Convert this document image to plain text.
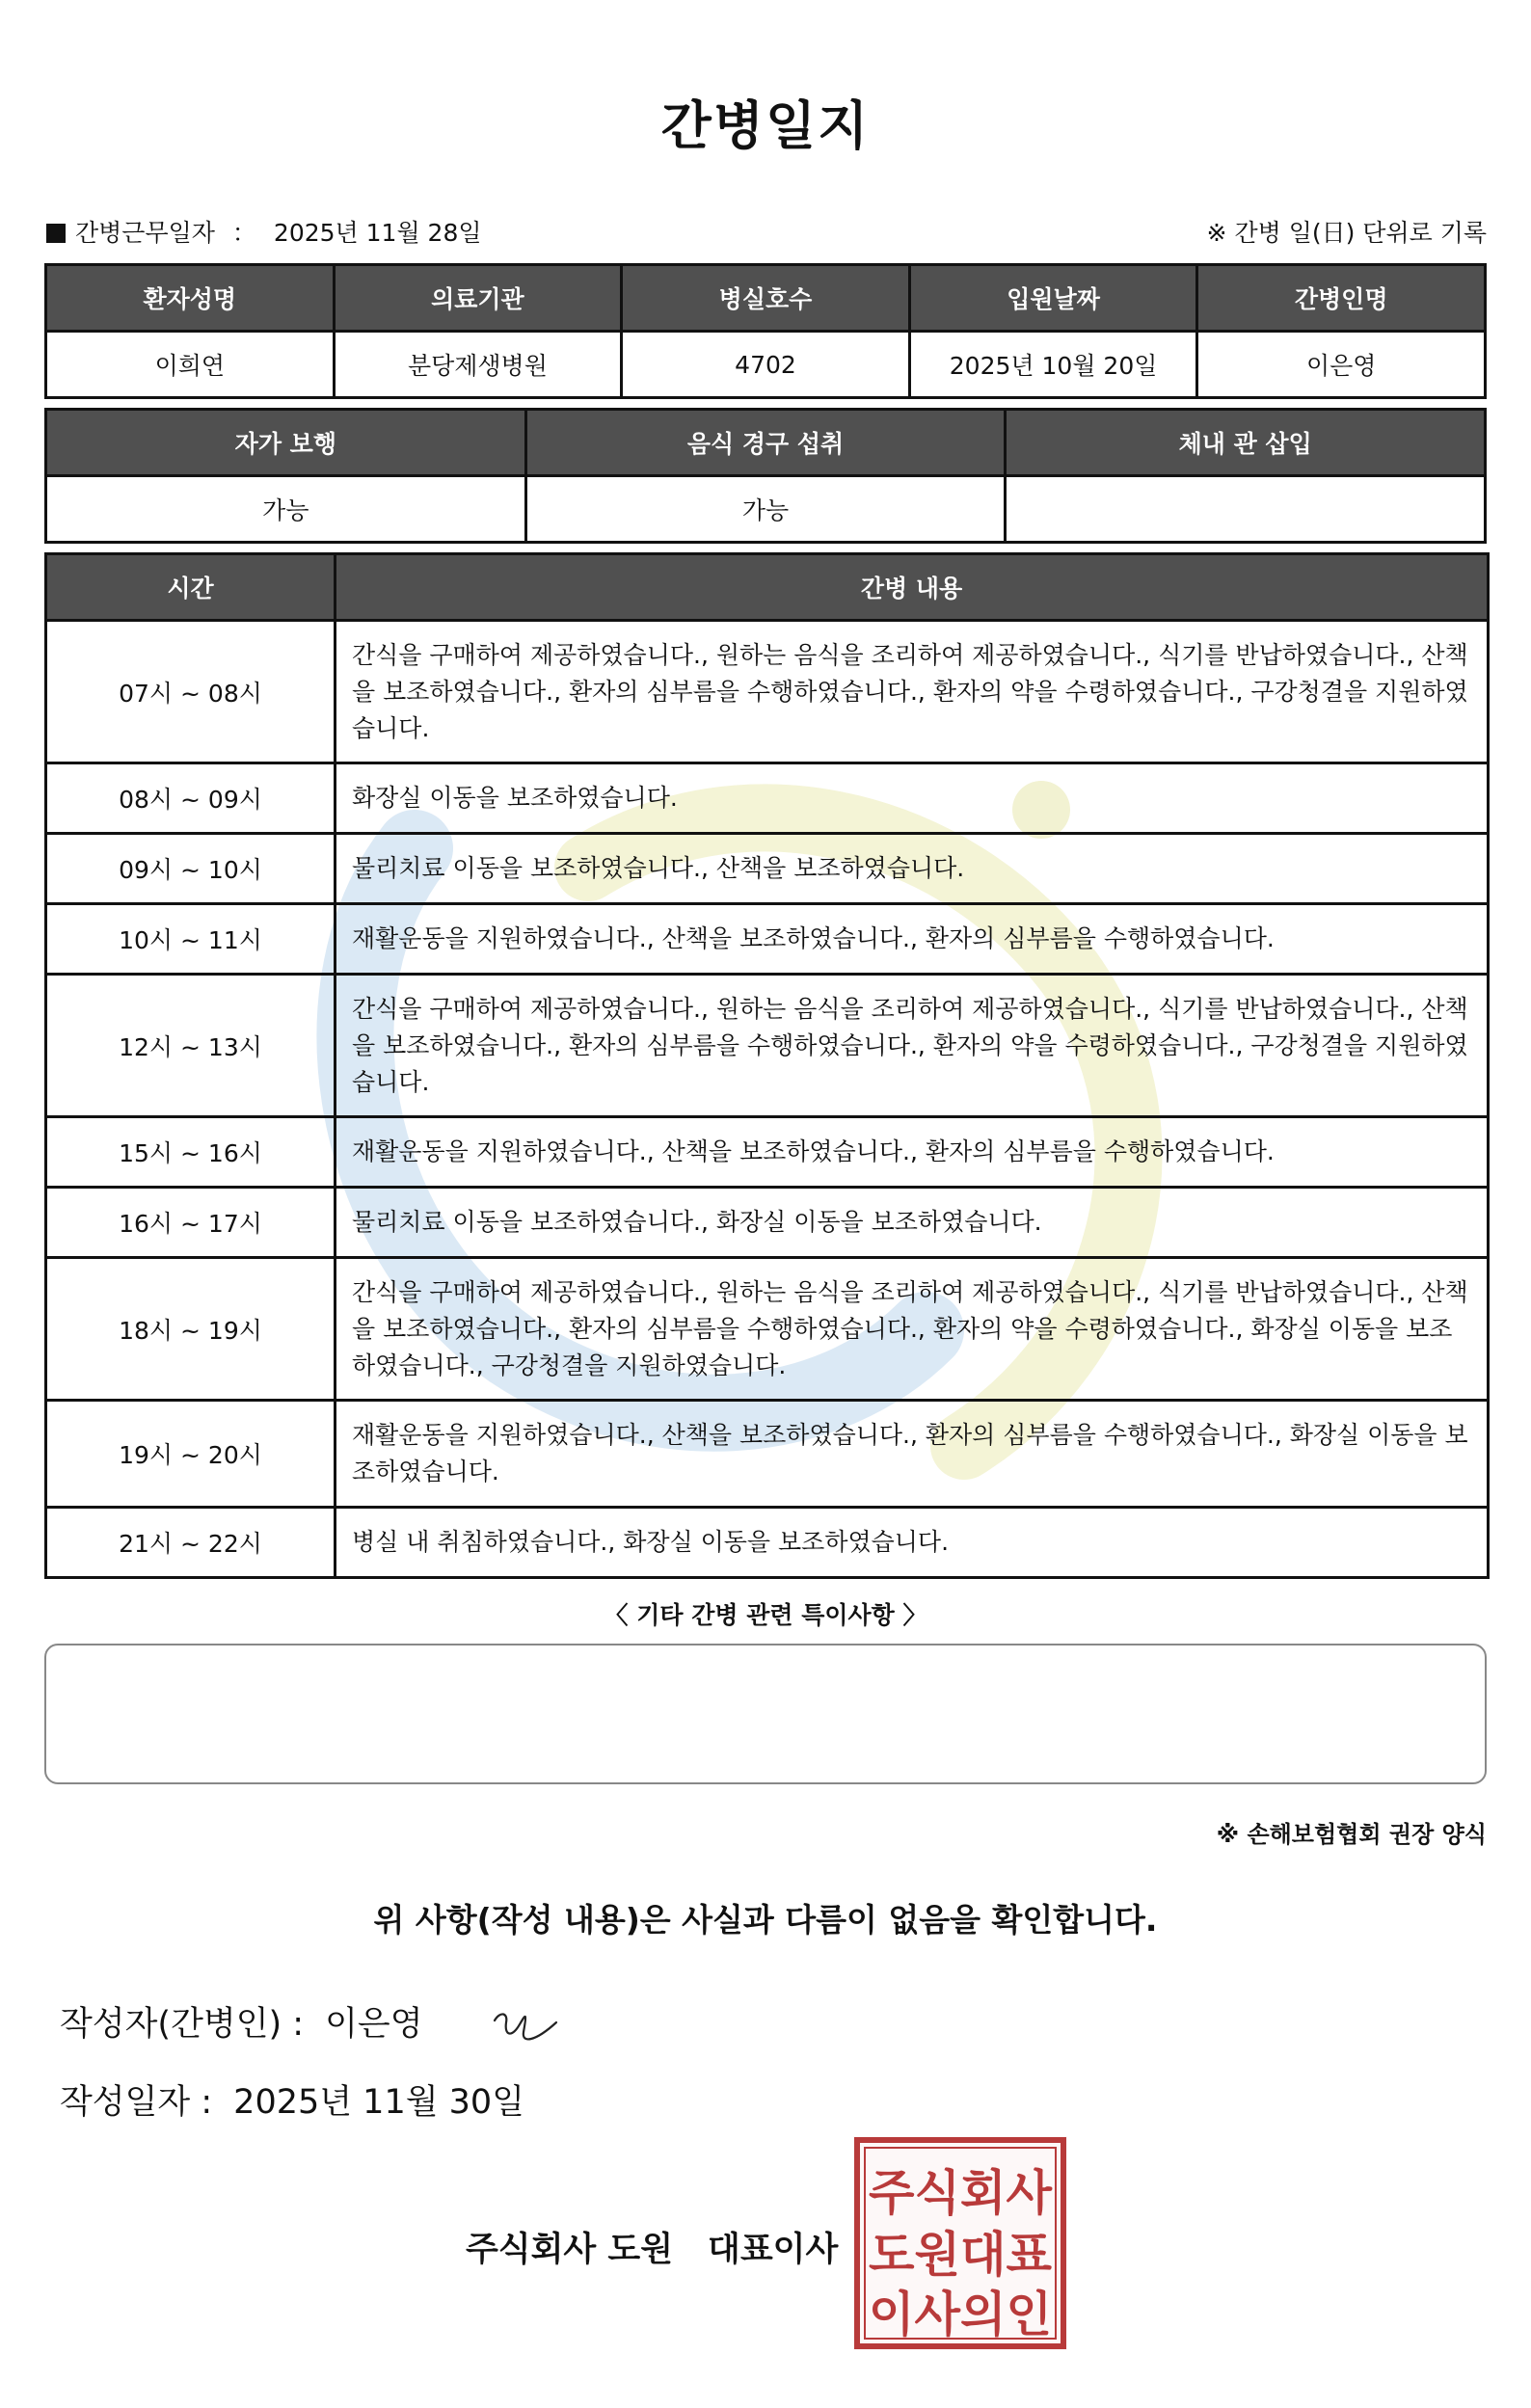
간병일지
간병근무일자 ： 2025년 11월 28일	※ 간병 일(日) 단위로 기록
환자성명	의료기관	병실호수	입원날짜	간병인명
이희연	분당제생병원	4702	2025년 10월 20일	이은영
자가 보행	음식 경구 섭취	체내 관 삽입
가능	가능	
시간	간병 내용
07시 ~ 08시	간식을 구매하여 제공하였습니다., 원하는 음식을 조리하여 제공하였습니다., 식기를 반납하였습니다., 산책을 보조하였습니다., 환자의 심부름을 수행하였습니다., 환자의 약을 수령하였습니다., 구강청결을 지원하였습니다.
08시 ~ 09시	화장실 이동을 보조하였습니다.
09시 ~ 10시	물리치료 이동을 보조하였습니다., 산책을 보조하였습니다.
10시 ~ 11시	재활운동을 지원하였습니다., 산책을 보조하였습니다., 환자의 심부름을 수행하였습니다.
12시 ~ 13시	간식을 구매하여 제공하였습니다., 원하는 음식을 조리하여 제공하였습니다., 식기를 반납하였습니다., 산책을 보조하였습니다., 환자의 심부름을 수행하였습니다., 환자의 약을 수령하였습니다., 구강청결을 지원하였습니다.
15시 ~ 16시	재활운동을 지원하였습니다., 산책을 보조하였습니다., 환자의 심부름을 수행하였습니다.
16시 ~ 17시	물리치료 이동을 보조하였습니다., 화장실 이동을 보조하였습니다.
18시 ~ 19시	간식을 구매하여 제공하였습니다., 원하는 음식을 조리하여 제공하였습니다., 식기를 반납하였습니다., 산책을 보조하였습니다., 환자의 심부름을 수행하였습니다., 환자의 약을 수령하였습니다., 화장실 이동을 보조하였습니다., 구강청결을 지원하였습니다.
19시 ~ 20시	재활운동을 지원하였습니다., 산책을 보조하였습니다., 환자의 심부름을 수행하였습니다., 화장실 이동을 보조하였습니다.
21시 ~ 22시	병실 내 취침하였습니다., 화장실 이동을 보조하였습니다.
〈 기타 간병 관련 특이사항 〉
※ 손해보험협회 권장 양식
위 사항(작성 내용)은 사실과 다름이 없음을 확인합니다.
작성자(간병인) : 이은영
작성일자 : 2025년 11월 30일
주식회사 도원 대표이사
주식회사
도원대표
이사의인
